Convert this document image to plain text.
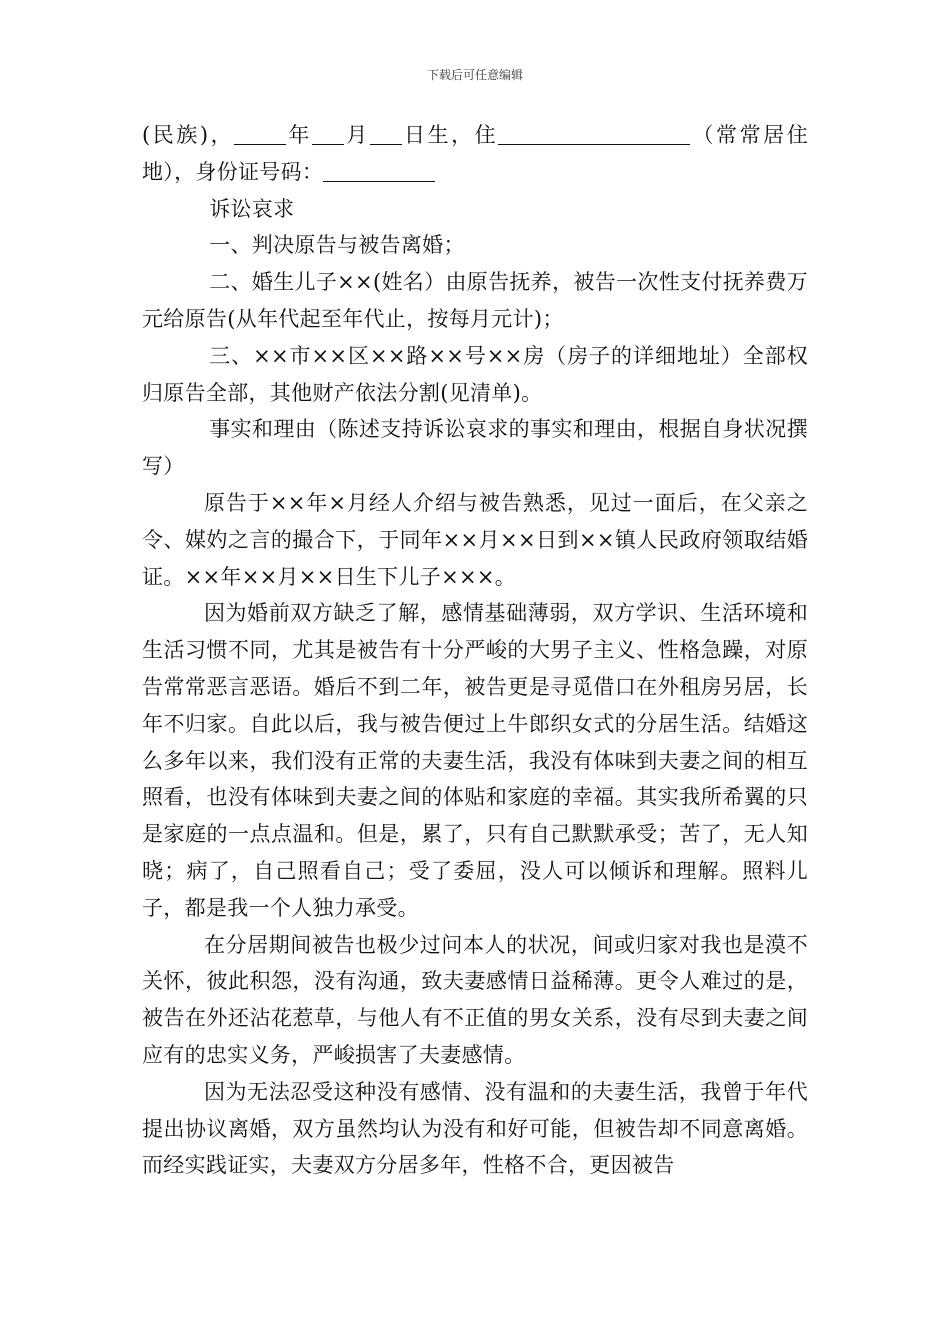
下载后可任意编辑

(民族)， 年 月 日生，住	（常常居住地），身份证号码：

诉讼哀求

一、判决原告与被告离婚；

二、婚生儿子××(姓名）由原告抚养，被告一次性支付抚养费万元给原告(从年代起至年代止，按每月元计)；

三、××市××区××路××号××房（房子的详细地址）全部权归原告全部，其他财产依法分割(见清单)。

事实和理由（陈述支持诉讼哀求的事实和理由，根据自身状况撰写）

原告于××年×月经人介绍与被告熟悉，见过一面后，在父亲之令、媒妁之言的撮合下，于同年××月××日到××镇人民政府领取结婚证。××年××月××日生下儿子×××。

因为婚前双方缺乏了解，感情基础薄弱，双方学识、生活环境和生活习惯不同，尤其是被告有十分严峻的大男子主义、性格急躁，对原告常常恶言恶语。婚后不到二年，被告更是寻觅借口在外租房另居，长年不归家。自此以后，我与被告便过上牛郎织女式的分居生活。结婚这么多年以来，我们没有正常的夫妻生活，我没有体味到夫妻之间的相互照看，也没有体味到夫妻之间的体贴和家庭的幸福。其实我所希翼的只是家庭的一点点温和。但是，累了，只有自己默默承受；苦了，无人知晓；病了，自己照看自己；受了委屈，没人可以倾诉和理解。照料儿子，都是我一个人独力承受。

在分居期间被告也极少过问本人的状况，间或归家对我也是漠不关怀，彼此积怨，没有沟通，致夫妻感情日益稀薄。更令人难过的是，被告在外还沾花惹草，与他人有不正值的男女关系，没有尽到夫妻之间应有的忠实义务，严峻损害了夫妻感情。

因为无法忍受这种没有感情、没有温和的夫妻生活，我曾于年代提出协议离婚，双方虽然均认为没有和好可能，但被告却不同意离婚。而经实践证实，夫妻双方分居多年，性格不合，更因被告
